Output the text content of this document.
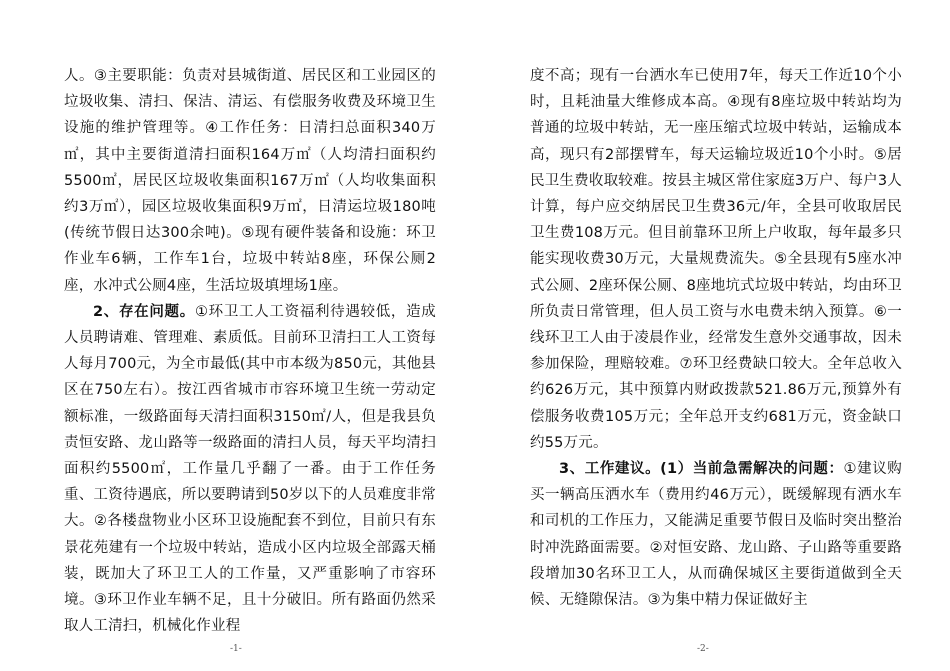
人。③主要职能：负责对县城街道、居民区和工业园区的垃圾收集、清扫、保洁、清运、有偿服务收费及环境卫生设施的维护管理等。④工作任务：日清扫总面积340万㎡，其中主要街道清扫面积164万㎡（人均清扫面积约5500㎡，居民区垃圾收集面积167万㎡（人均收集面积约3万㎡），园区垃圾收集面积9万㎡，日清运垃圾180吨(传统节假日达300余吨)。⑤现有硬件装备和设施：环卫作业车6辆，工作车1台，垃圾中转站8座，环保公厕2座，水冲式公厕4座，生活垃圾填埋场1座。

2、存在问题。①环卫工人工资福利待遇较低，造成人员聘请难、管理难、素质低。目前环卫清扫工人工资每人每月700元，为全市最低(其中市本级为850元，其他县区在750左右）。按江西省城市市容环境卫生统一劳动定额标准，一级路面每天清扫面积3150㎡/人，但是我县负责恒安路、龙山路等一级路面的清扫人员，每天平均清扫面积约5500㎡，工作量几乎翻了一番。由于工作任务重、工资待遇底，所以要聘请到50岁以下的人员难度非常大。②各楼盘物业小区环卫设施配套不到位，目前只有东景花苑建有一个垃圾中转站，造成小区内垃圾全部露天桶装，既加大了环卫工人的工作量，又严重影响了市容环境。③环卫作业车辆不足，且十分破旧。所有路面仍然采取人工清扫，机械化作业程

-1-

度不高；现有一台洒水车已使用7年，每天工作近10个小时，且耗油量大维修成本高。④现有8座垃圾中转站均为普通的垃圾中转站，无一座压缩式垃圾中转站，运输成本高，现只有2部摆臂车，每天运输垃圾近10个小时。⑤居民卫生费收取较难。按县主城区常住家庭3万户、每户3人计算，每户应交纳居民卫生费36元/年，全县可收取居民卫生费108万元。但目前靠环卫所上户收取，每年最多只能实现收费30万元，大量规费流失。⑤全县现有5座水冲式公厕、2座环保公厕、8座地坑式垃圾中转站，均由环卫所负责日常管理，但人员工资与水电费未纳入预算。⑥一线环卫工人由于凌晨作业，经常发生意外交通事故，因未参加保险，理赔较难。⑦环卫经费缺口较大。全年总收入约626万元，其中预算内财政拨款521.86万元,预算外有偿服务收费105万元；全年总开支约681万元，资金缺口约55万元。

3、工作建议。(1）当前急需解决的问题：①建议购买一辆高压洒水车（费用约46万元），既缓解现有洒水车和司机的工作压力，又能满足重要节假日及临时突出整治时冲洗路面需要。②对恒安路、龙山路、子山路等重要路段增加30名环卫工人，从而确保城区主要街道做到全天候、无缝隙保洁。③为集中精力保证做好主

-2-
